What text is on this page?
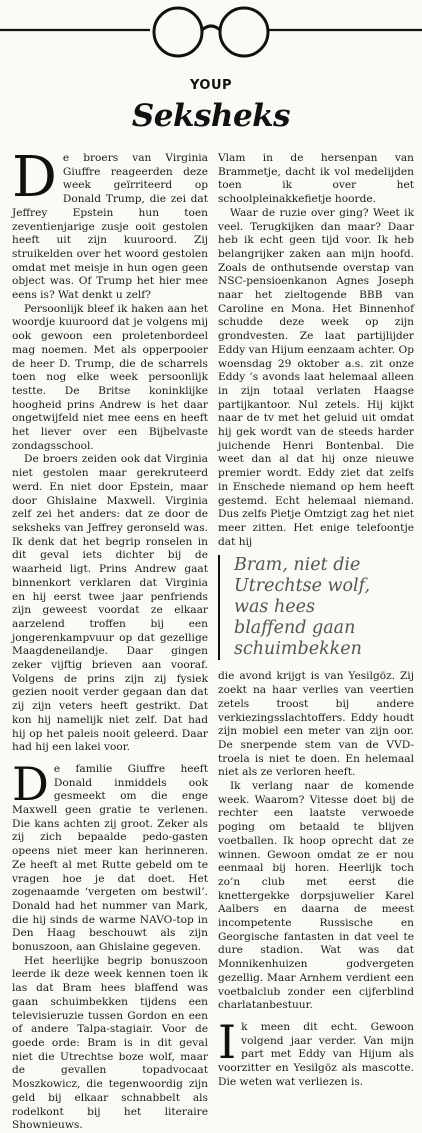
YOUP
Seksheks

De broers van Virginia Giuffre reageerden deze week geïrriteerd op Donald Trump, die zei dat Jeffrey Epstein hun toen zeventienjarige zusje ooit gestolen heeft uit zijn kuuroord. Zij struikelden over het woord gestolen omdat met meisje in hun ogen geen object was. Of Trump het hier mee eens is? Wat denkt u zelf?

Persoonlijk bleef ik haken aan het woordje kuuroord dat je volgens mij ook gewoon een proletenbordeel mag noemen. Met als opperpooier de heer D. Trump, die de scharrels toen nog elke week persoonlijk testte. De Britse koninklijke hoogheid prins Andrew is het daar ongetwijfeld niet mee eens en heeft het liever over een Bijbelvaste zondagsschool.

De broers zeiden ook dat Virginia niet gestolen maar gerekruteerd werd. En niet door Epstein, maar door Ghislaine Maxwell. Virginia zelf zei het anders: dat ze door de seksheks van Jeffrey geronseld was. Ik denk dat het begrip ronselen in dit geval iets dichter bij de waarheid ligt. Prins Andrew gaat binnenkort verklaren dat Virginia en hij eerst twee jaar penfriends zijn geweest voordat ze elkaar aarzelend troffen bij een jongerenkampvuur op dat gezellige Maagdeneilandje. Daar gingen zeker vijftig brieven aan vooraf. Volgens de prins zijn zij fysiek gezien nooit verder gegaan dan dat zij zijn veters heeft gestrikt. Dat kon hij namelijk niet zelf. Dat had hij op het paleis nooit geleerd. Daar had hij een lakei voor.

De familie Giuffre heeft Donald inmiddels ook gesmeekt om die enge Maxwell geen gratie te verlenen. Die kans achten zij groot. Zeker als zij zich bepaalde pedo-gasten opeens niet meer kan herinneren. Ze heeft al met Rutte gebeld om te vragen hoe je dat doet. Het zogenaamde ‘vergeten om bestwil’. Donald had het nummer van Mark, die hij sinds de warme NAVO-top in Den Haag beschouwt als zijn bonuszoon, aan Ghislaine gegeven.

Het heerlijke begrip bonuszoon leerde ik deze week kennen toen ik las dat Bram hees blaffend was gaan schuimbekken tijdens een televisieruzie tussen Gordon en een of andere Talpa-stagiair. Voor de goede orde: Bram is in dit geval niet die Utrechtse boze wolf, maar de gevallen topadvocaat Moszkowicz, die tegenwoordig zijn geld bij elkaar schnabbelt als rodelkont bij het literaire Shownieuws.

Vlam in de hersenpan van Brammetje, dacht ik vol medelijden toen ik over het schoolpleinakkefietje hoorde.

Waar de ruzie over ging? Weet ik veel. Terugkijken dan maar? Daar heb ik echt geen tijd voor. Ik heb belangrijker zaken aan mijn hoofd. Zoals de onthutsende overstap van NSC-pensioenkanon Agnes Joseph naar het zieltogende BBB van Caroline en Mona. Het Binnenhof schudde deze week op zijn grondvesten. Ze laat partijlijder Eddy van Hijum eenzaam achter. Op woensdag 29 oktober a.s. zit onze Eddy ’s avonds laat helemaal alleen in zijn totaal verlaten Haagse partijkantoor. Nul zetels. Hij kijkt naar de tv met het geluid uit omdat hij gek wordt van de steeds harder juichende Henri Bontenbal. Die weet dan al dat hij onze nieuwe premier wordt. Eddy ziet dat zelfs in Enschede niemand op hem heeft gestemd. Echt helemaal niemand. Dus zelfs Pietje Omtzigt zag het niet meer zitten. Het enige telefoontje dat hij

Bram, niet die
Utrechtse wolf,
was hees
blaffend gaan
schuimbekken

die avond krijgt is van Yesilgöz. Zij zoekt na haar verlies van veertien zetels troost bij andere verkiezingsslachtoffers. Eddy houdt zijn mobiel een meter van zijn oor. De snerpende stem van de VVD-troela is niet te doen. En helemaal niet als ze verloren heeft.

Ik verlang naar de komende week. Waarom? Vitesse doet bij de rechter een laatste verwoede poging om betaald te blijven voetballen. Ik hoop oprecht dat ze winnen. Gewoon omdat ze er nou eenmaal bij horen. Heerlijk toch zo’n club met eerst die knettergekke dorpsjuwelier Karel Aalbers en daarna de meest incompetente Russische en Georgische fantasten in dat veel te dure stadion. Wat was dat Monnikenhuizen godvergeten gezellig. Maar Arnhem verdient een voetbalclub zonder een cijferblind charlatanbestuur.

Ik meen dit echt. Gewoon volgend jaar verder. Van mijn part met Eddy van Hijum als voorzitter en Yesilgöz als mascotte. Die weten wat verliezen is.
